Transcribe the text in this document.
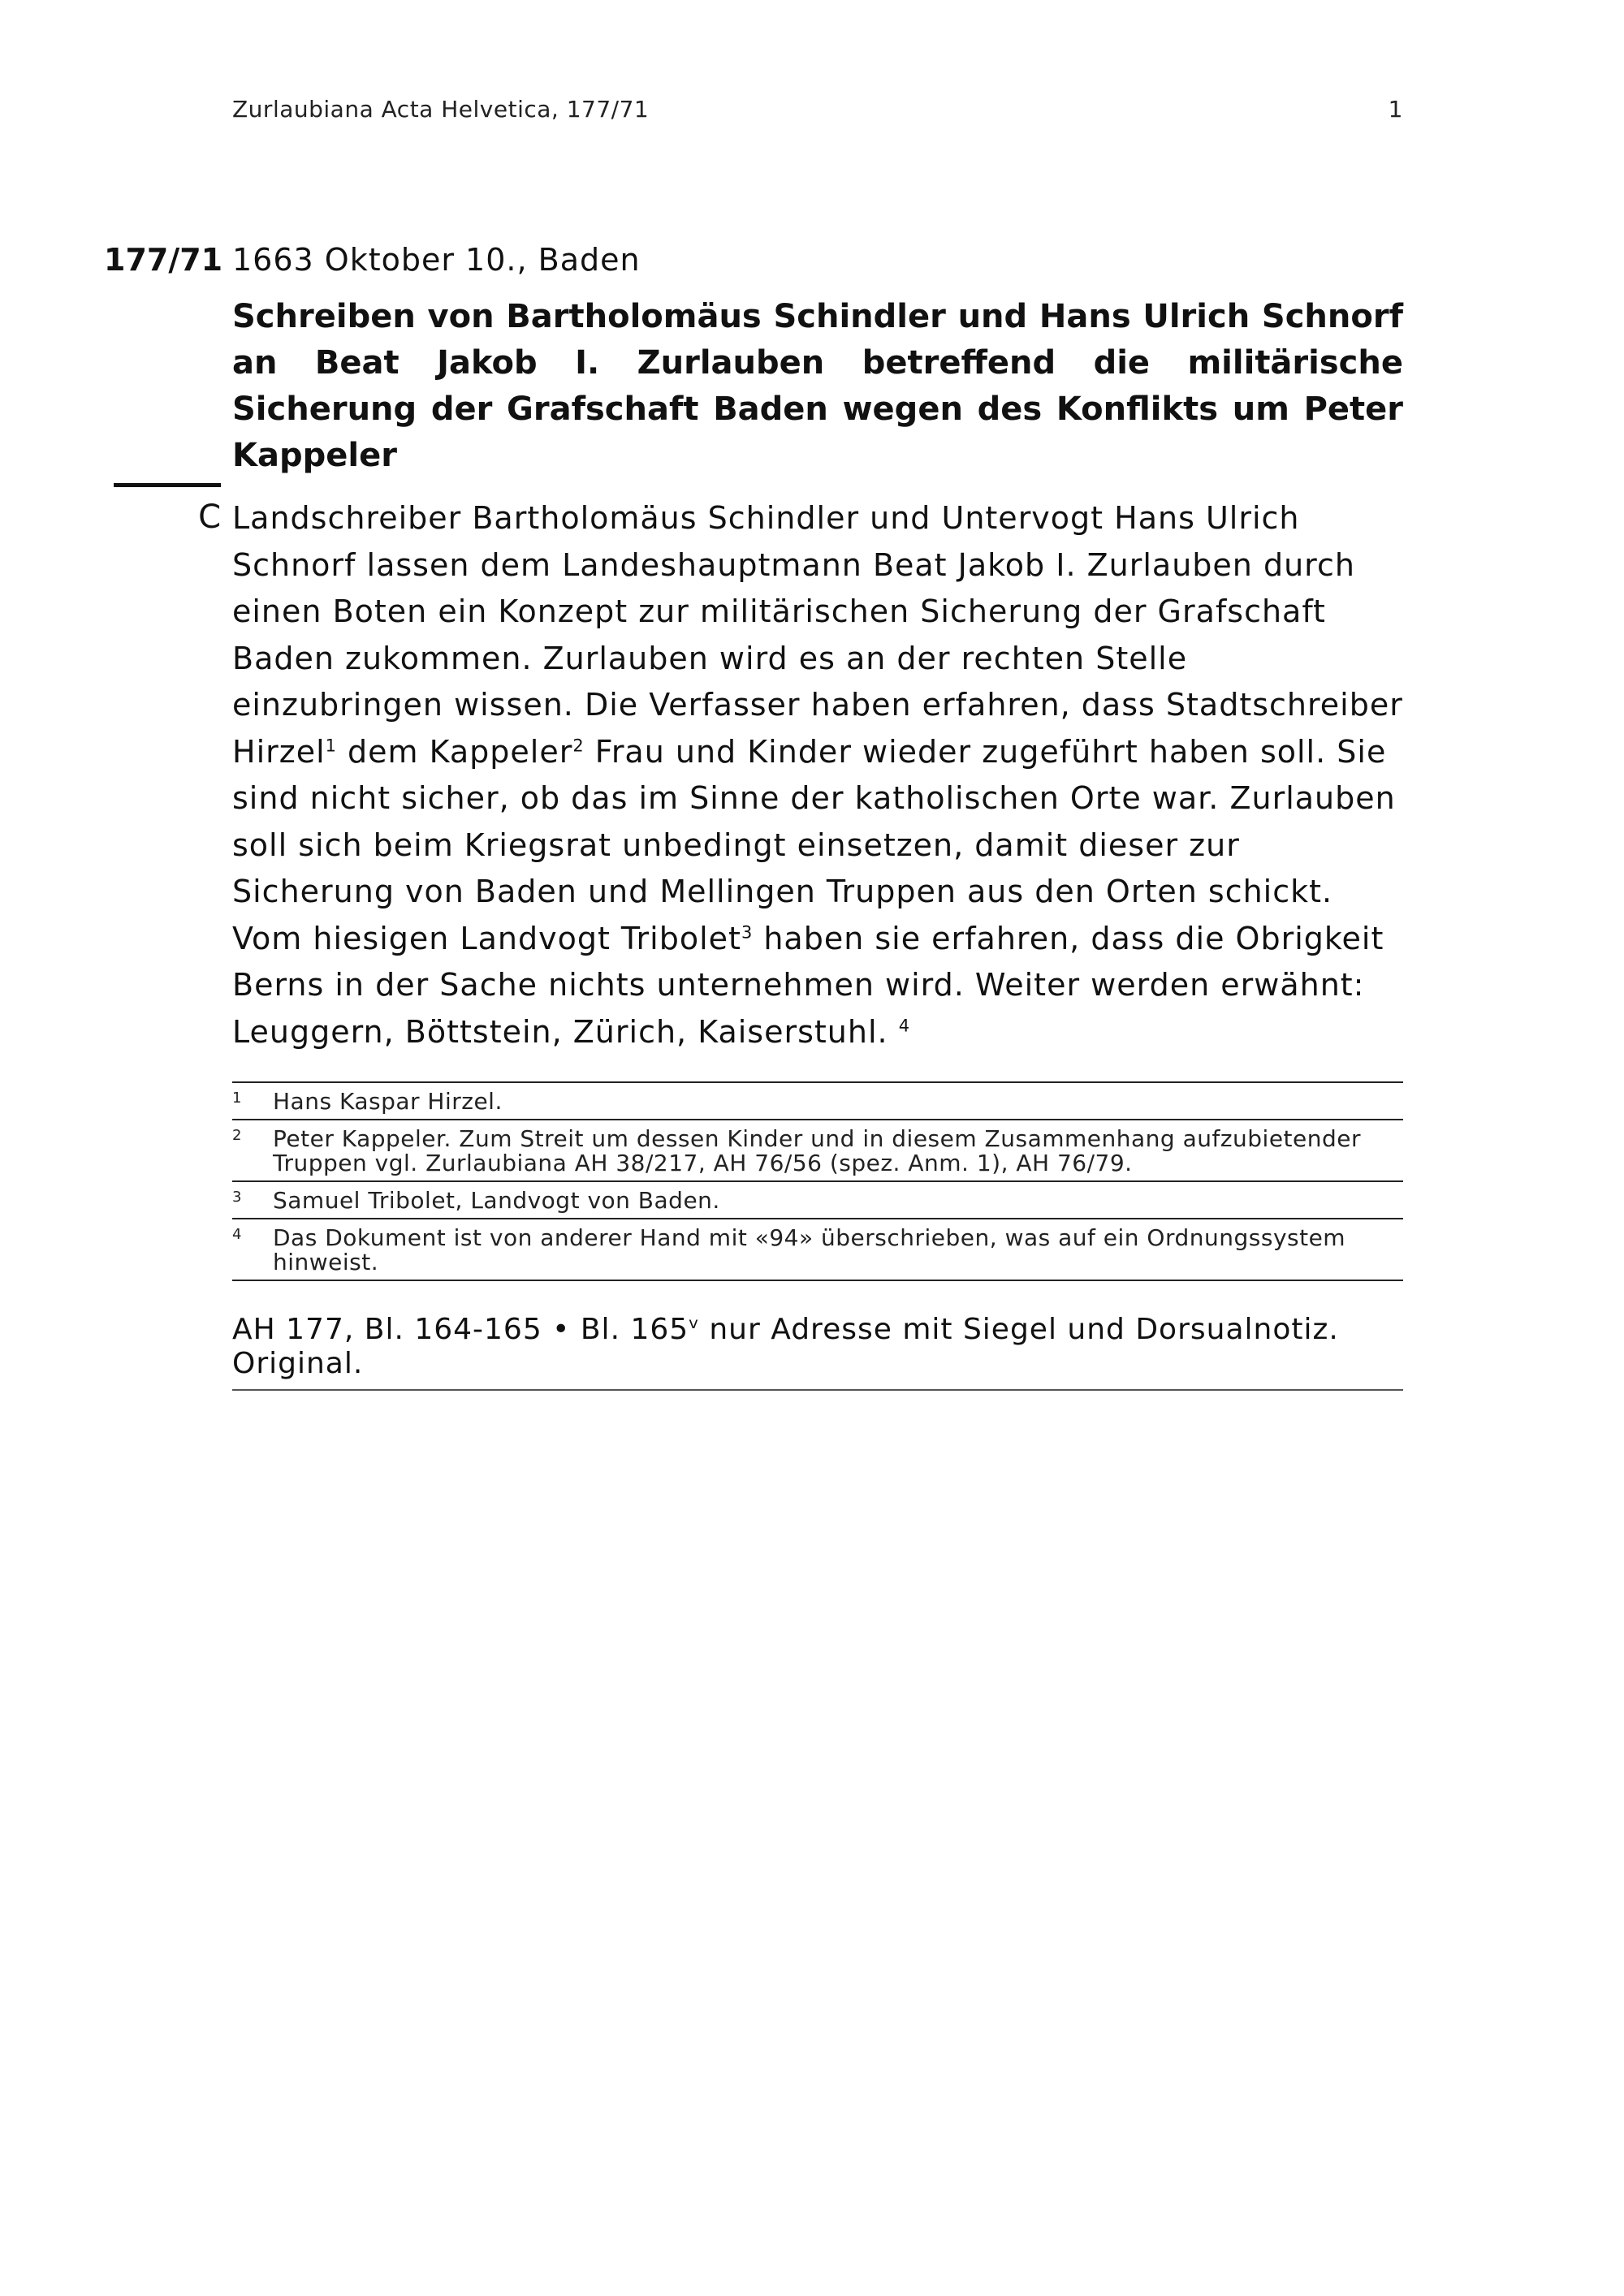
Zurlaubiana Acta Helvetica, 177/71	1
177/71 1663 Oktober 10., Baden
Schreiben von Bartholomäus Schindler und Hans Ulrich Schnorf an Beat Jakob I. Zurlauben betreffend die militärische Sicherung der Grafschaft Baden wegen des Konflikts um Peter Kappeler
C Landschreiber Bartholomäus Schindler und Untervogt Hans Ulrich Schnorf lassen dem Landeshauptmann Beat Jakob I. Zurlauben durch einen Boten ein Konzept zur militärischen Sicherung der Grafschaft Baden zukommen. Zurlauben wird es an der rechten Stelle einzubringen wissen. Die Verfasser haben erfahren, dass Stadtschreiber Hirzel$^1$ dem Kappeler$^2$ Frau und Kinder wieder zugeführt haben soll. Sie sind nicht sicher, ob das im Sinne der katholischen Orte war. Zurlauben soll sich beim Kriegsrat unbedingt einsetzen, damit dieser zur Sicherung von Baden und Mellingen Truppen aus den Orten schickt. Vom hiesigen Landvogt Tribolet$^3$ haben sie erfahren, dass die Obrigkeit Berns in der Sache nichts unternehmen wird. Weiter werden erwähnt: Leuggern, Böttstein, Zürich, Kaiserstuhl. $^4$

1	Hans Kaspar Hirzel.
2	Peter Kappeler. Zum Streit um dessen Kinder und in diesem Zusammenhang aufzubietender Truppen vgl. Zurlaubiana AH 38/217, AH 76/56 (spez. Anm. 1), AH 76/79.
3	Samuel Tribolet, Landvogt von Baden.
4	Das Dokument ist von anderer Hand mit «94» überschrieben, was auf ein Ordnungssystem hinweist.
AH 177, Bl. 164-165 • Bl. 165$^v$ nur Adresse mit Siegel und Dorsualnotiz. Original.
